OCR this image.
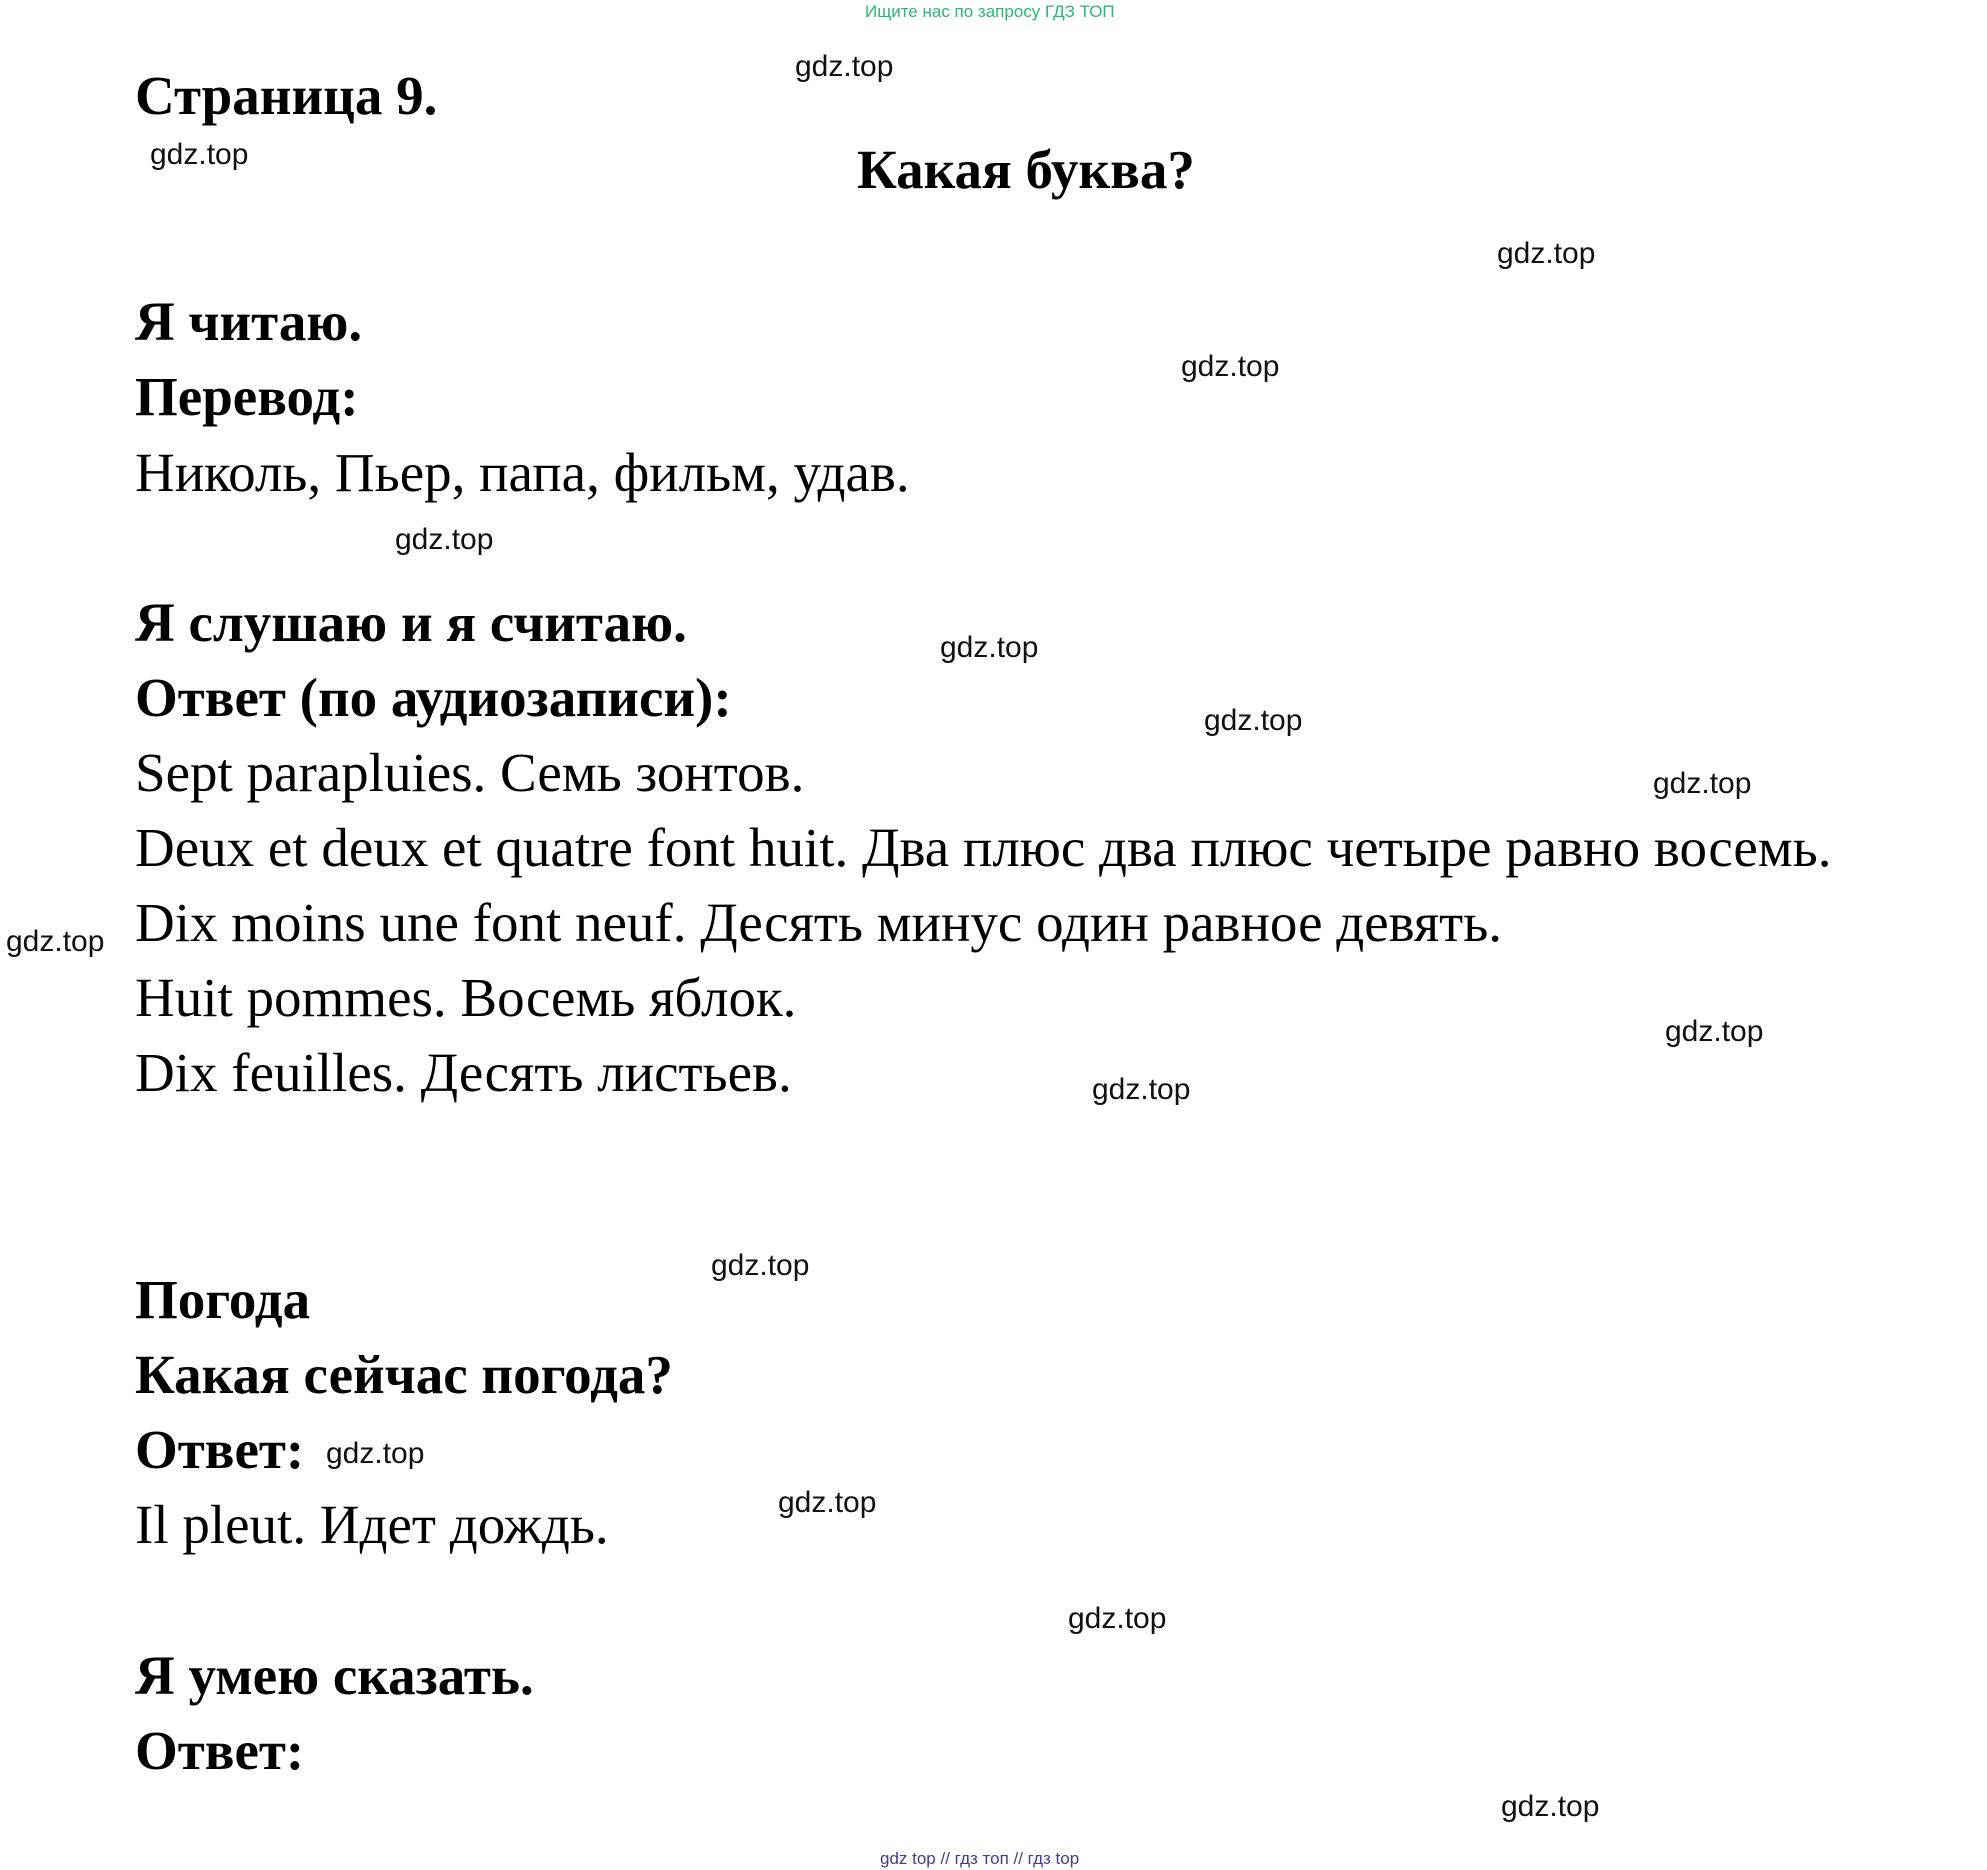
Ищите нас по запросу ГДЗ ТОП
Страница 9.
Какая буква?
Я читаю.
Перевод:
Николь, Пьер, папа, фильм, удав.
Я слушаю и я считаю.
Ответ (по аудиозаписи):
Sept parapluies. Семь зонтов.
Deux et deux et quatre font huit. Два плюс два плюс четыре равно восемь.
Dix moins une font neuf. Десять минус один равное девять.
Huit pommes. Восемь яблок.
Dix feuilles. Десять листьев.
Погода
Какая сейчас погода?
Ответ:
Il pleut. Идет дождь.
Я умею сказать.
Ответ:
gdz.top
gdz.top
gdz.top
gdz.top
gdz.top
gdz.top
gdz.top
gdz.top
gdz.top
gdz.top
gdz.top
gdz.top
gdz.top
gdz.top
gdz.top
gdz.top
gdz top // гдз топ // гдз top
